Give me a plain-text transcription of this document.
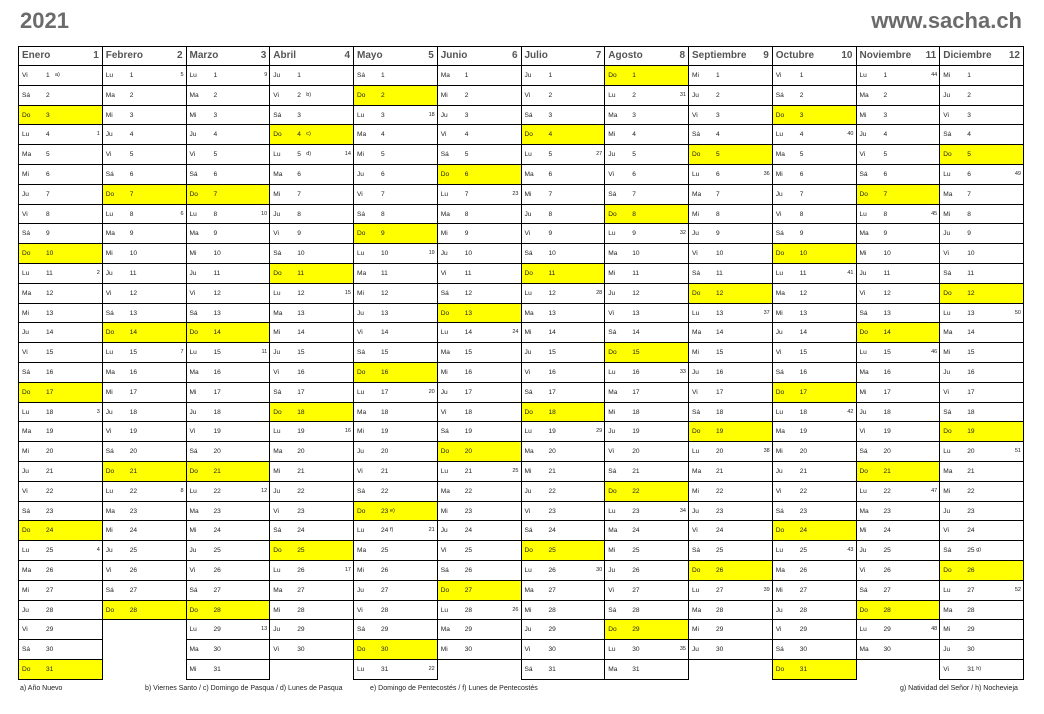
2021	www.sacha.ch
Enero 1	Febrero 2	Marzo 3	Abril 4	Mayo 5	Junio 6	Julio 7	Agosto 8	Septiembre 9	Octubre 10	Noviembre 11	Diciembre 12

Vi 1 a)	Lu 1 5	Lu 1 9	Ju 1	Sá 1	Ma 1	Ju 1	Do 1	Mi 1	Vi 1	Lu 1 44	Mi 1

Sá 2	Ma 2	Ma 2	Vi 2 b)	Do 2	Mi 2	Vi 2	Lu 2 31	Ju 2	Sá 2	Ma 2	Ju 2

Do 3	Mi 3	Mi 3	Sá 3	Lu 3 18	Ju 3	Sá 3	Ma 3	Vi 3	Do 3	Mi 3	Vi 3

Lu 4 1	Ju 4	Ju 4	Do 4 c)	Ma 4	Vi 4	Do 4	Mi 4	Sá 4	Lu 4 40	Ju 4	Sá 4

Ma 5	Vi 5	Vi 5	Lu 5 d) 14	Mi 5	Sá 5	Lu 5 27	Ju 5	Do 5	Ma 5	Vi 5	Do 5

Mi 6	Sá 6	Sá 6	Ma 6	Ju 6	Do 6	Ma 6	Vi 6	Lu 6 36	Mi 6	Sá 6	Lu 6 49

Ju 7	Do 7	Do 7	Mi 7	Vi 7	Lu 7 23	Mi 7	Sá 7	Ma 7	Ju 7	Do 7	Ma 7

Vi 8	Lu 8 6	Lu 8 10	Ju 8	Sá 8	Ma 8	Ju 8	Do 8	Mi 8	Vi 8	Lu 8 45	Mi 8

Sá 9	Ma 9	Ma 9	Vi 9	Do 9	Mi 9	Vi 9	Lu 9 32	Ju 9	Sá 9	Ma 9	Ju 9

Do 10	Mi 10	Mi 10	Sá 10	Lu 10 19	Ju 10	Sá 10	Ma 10	Vi 10	Do 10	Mi 10	Vi 10

Lu 11 2	Ju 11	Ju 11	Do 11	Ma 11	Vi 11	Do 11	Mi 11	Sá 11	Lu 11 41	Ju 11	Sá 11

Ma 12	Vi 12	Vi 12	Lu 12 15	Mi 12	Sá 12	Lu 12 28	Ju 12	Do 12	Ma 12	Vi 12	Do 12

Mi 13	Sá 13	Sá 13	Ma 13	Ju 13	Do 13	Ma 13	Vi 13	Lu 13 37	Mi 13	Sá 13	Lu 13 50

Ju 14	Do 14	Do 14	Mi 14	Vi 14	Lu 14 24	Mi 14	Sá 14	Ma 14	Ju 14	Do 14	Ma 14

Vi 15	Lu 15 7	Lu 15 11	Ju 15	Sá 15	Ma 15	Ju 15	Do 15	Mi 15	Vi 15	Lu 15 46	Mi 15

Sá 16	Ma 16	Ma 16	Vi 16	Do 16	Mi 16	Vi 16	Lu 16 33	Ju 16	Sá 16	Ma 16	Ju 16

Do 17	Mi 17	Mi 17	Sá 17	Lu 17 20	Ju 17	Sá 17	Ma 17	Vi 17	Do 17	Mi 17	Vi 17

Lu 18 3	Ju 18	Ju 18	Do 18	Ma 18	Vi 18	Do 18	Mi 18	Sá 18	Lu 18 42	Ju 18	Sá 18

Ma 19	Vi 19	Vi 19	Lu 19 16	Mi 19	Sá 19	Lu 19 29	Ju 19	Do 19	Ma 19	Vi 19	Do 19

Mi 20	Sá 20	Sá 20	Ma 20	Ju 20	Do 20	Ma 20	Vi 20	Lu 20 38	Mi 20	Sá 20	Lu 20 51

Ju 21	Do 21	Do 21	Mi 21	Vi 21	Lu 21 25	Mi 21	Sá 21	Ma 21	Ju 21	Do 21	Ma 21

Vi 22	Lu 22 8	Lu 22 12	Ju 22	Sá 22	Ma 22	Ju 22	Do 22	Mi 22	Vi 22	Lu 22 47	Mi 22

Sá 23	Ma 23	Ma 23	Vi 23	Do 23 e)	Mi 23	Vi 23	Lu 23 34	Ju 23	Sá 23	Ma 23	Ju 23

Do 24	Mi 24	Mi 24	Sá 24	Lu 24 f) 21	Ju 24	Sá 24	Ma 24	Vi 24	Do 24	Mi 24	Vi 24

Lu 25 4	Ju 25	Ju 25	Do 25	Ma 25	Vi 25	Do 25	Mi 25	Sá 25	Lu 25 43	Ju 25	Sá 25 g)

Ma 26	Vi 26	Vi 26	Lu 26 17	Mi 26	Sá 26	Lu 26 30	Ju 26	Do 26	Ma 26	Vi 26	Do 26

Mi 27	Sá 27	Sá 27	Ma 27	Ju 27	Do 27	Ma 27	Vi 27	Lu 27 39	Mi 27	Sá 27	Lu 27 52

Ju 28	Do 28	Do 28	Mi 28	Vi 28	Lu 28 26	Mi 28	Sá 28	Ma 28	Ju 28	Do 28	Ma 28

Vi 29		Lu 29 13	Ju 29	Sá 29	Ma 29	Ju 29	Do 29	Mi 29	Vi 29	Lu 29 48	Mi 29

Sá 30		Ma 30	Vi 30	Do 30	Mi 30	Vi 30	Lu 30 35	Ju 30	Sá 30	Ma 30	Ju 30

Do 31		Mi 31		Lu 31 22		Sá 31	Ma 31		Do 31		Vi 31 h)
a) Año Nuevo	b) Viernes Santo / c) Domingo de Pasqua / d) Lunes de Pasqua	e) Domingo de Pentecostés / f) Lunes de Pentecostés	g) Natividad del Señor / h) Nochevieja
